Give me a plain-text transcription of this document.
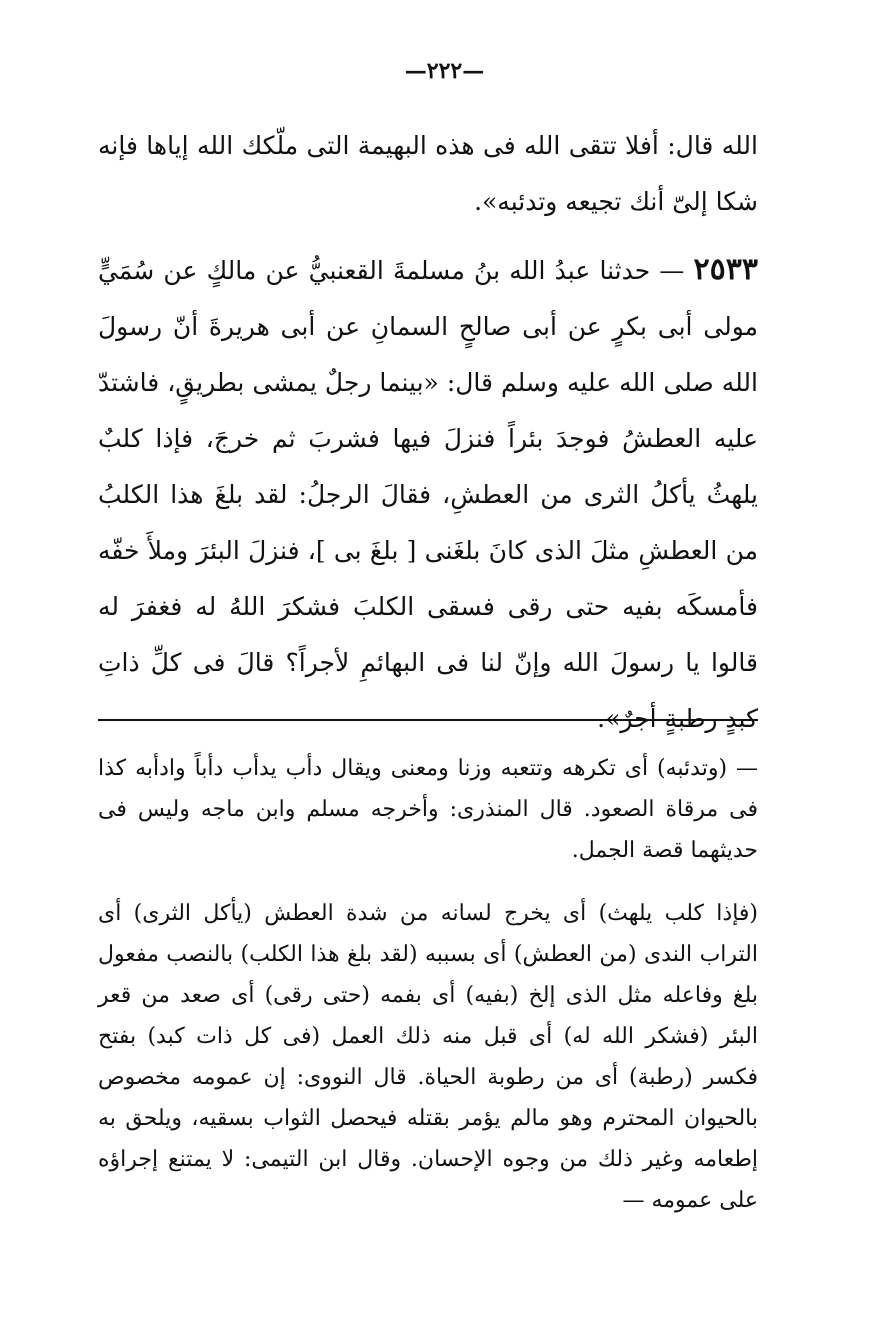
—٢٢٢—

الله قال: أفلا تتقى الله فى هذه البهيمة التى ملّكك الله إياها فإنه شكا إلىّ أنك تجيعه وتدئبه».

٢٥٣٣ — حدثنا عبدُ الله بنُ مسلمةَ القعنبيُّ عن مالكٍ عن سُمَيٍّ مولى أبى بكرٍ عن أبى صالحٍ السمانِ عن أبى هريرةَ أنّ رسولَ الله صلى الله عليه وسلم قال: «بينما رجلٌ يمشى بطريقٍ، فاشتدّ عليه العطشُ فوجدَ بئراً فنزلَ فيها فشربَ ثم خرجَ، فإذا كلبٌ يلهثُ يأكلُ الثرى من العطشِ، فقالَ الرجلُ: لقد بلغَ هذا الكلبُ من العطشِ مثلَ الذى كانَ بلغَنى [ بلغَ بى ]، فنزلَ البئرَ وملأَ خفّه فأمسكَه بفيه حتى رقى فسقى الكلبَ فشكرَ اللهُ له فغفرَ له قالوا يا رسولَ الله وإنّ لنا فى البهائمِ لأجراً؟ قالَ فى كلِّ ذاتِ كبدٍ رطبةٍ أجرٌ».

— (وتدئبه) أى تكرهه وتتعبه وزنا ومعنى ويقال دأب يدأب دأباً وادأبه كذا فى مرقاة الصعود. قال المنذرى: وأخرجه مسلم وابن ماجه وليس فى حديثهما قصة الجمل.

(فإذا كلب يلهث) أى يخرج لسانه من شدة العطش (يأكل الثرى) أى التراب الندى (من العطش) أى بسببه (لقد بلغ هذا الكلب) بالنصب مفعول بلغ وفاعله مثل الذى إلخ (بفيه) أى بفمه (حتى رقى) أى صعد من قعر البئر (فشكر الله له) أى قبل منه ذلك العمل (فى كل ذات كبد) بفتح فكسر (رطبة) أى من رطوبة الحياة. قال النووى: إن عمومه مخصوص بالحيوان المحترم وهو مالم يؤمر بقتله فيحصل الثواب بسقيه، ويلحق به إطعامه وغير ذلك من وجوه الإحسان. وقال ابن التيمى: لا يمتنع إجراؤه على عمومه —
